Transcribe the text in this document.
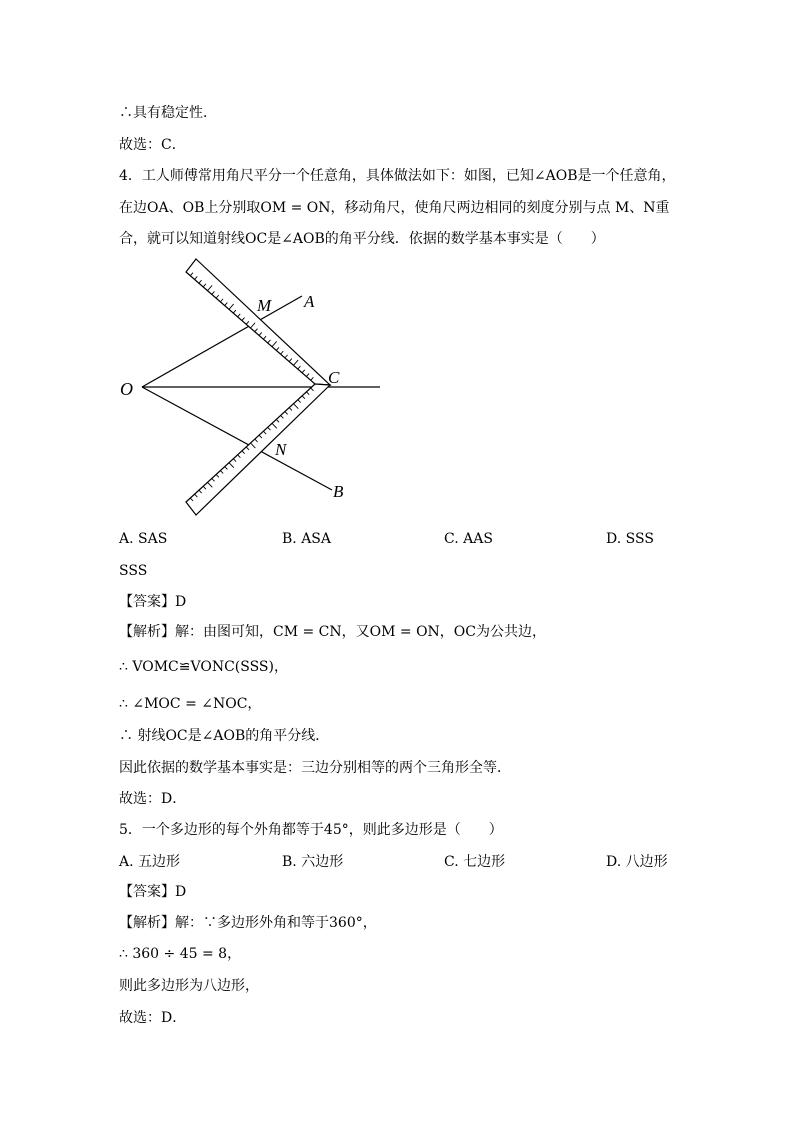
∴具有稳定性．
故选：C．
4．工人师傅常用角尺平分一个任意角，具体做法如下：如图，已知∠AOB是一个任意角，
在边OA、OB上分别取OM = ON，移动角尺，使角尺两边相同的刻度分别与点 M、N重
合，就可以知道射线OC是∠AOB的角平分线．依据的数学基本事实是（　　）
O
A
B
C
M
N
A. SAS	B. ASA	C. AAS	D. SSS
SSS
【答案】D
【解析】解：由图可知，CM = CN，又OM = ON，OC为公共边，
∴ VOMC≌VONC(SSS)，
∴ ∠MOC = ∠NOC，
∴ 射线OC是∠AOB的角平分线．
因此依据的数学基本事实是：三边分别相等的两个三角形全等．
故选：D．
5．一个多边形的每个外角都等于45°，则此多边形是（　　）
A. 五边形	B. 六边形	C. 七边形	D. 八边形
【答案】D
【解析】解：∵多边形外角和等于360°，
∴ 360 ÷ 45 = 8，
则此多边形为八边形，
故选：D．
